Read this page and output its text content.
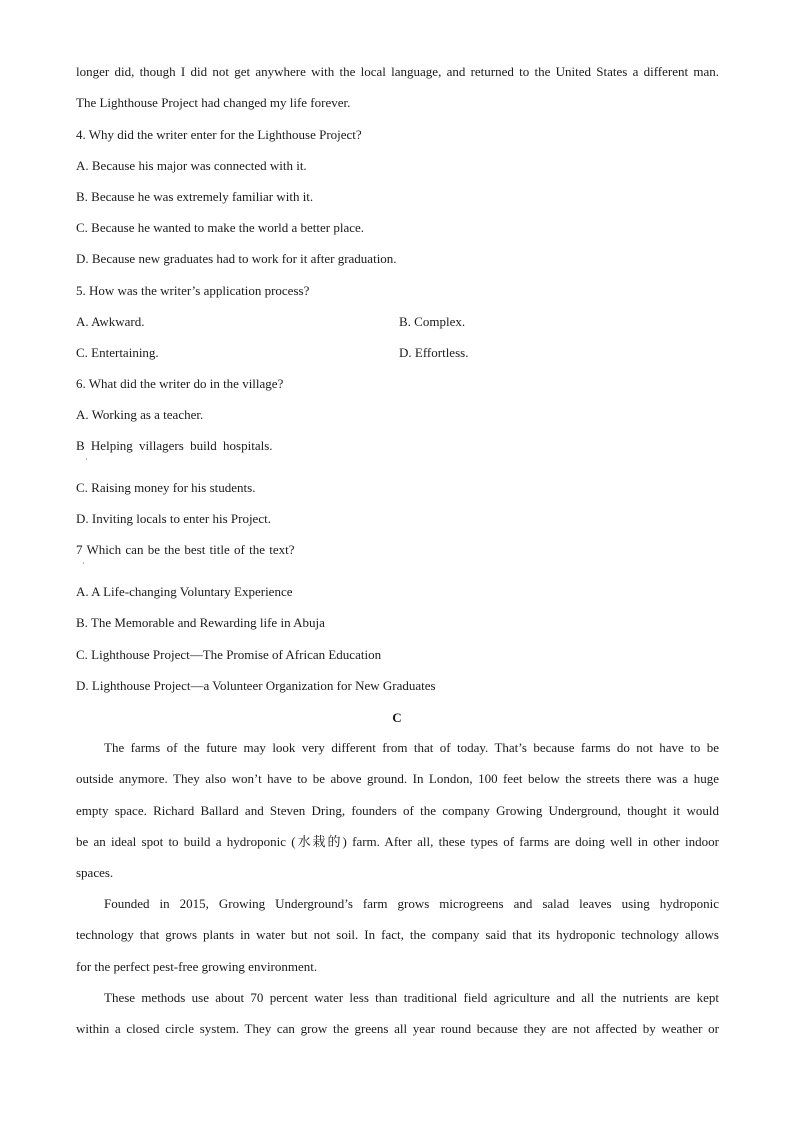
longer did, though I did not get anywhere with the local language, and returned to the United States a different man.
The Lighthouse Project had changed my life forever.
4. Why did the writer enter for the Lighthouse Project?
A. Because his major was connected with it.
B. Because he was extremely familiar with it.
C. Because he wanted to make the world a better place.
D. Because new graduates had to work for it after graduation.
5. How was the writer’s application process?
A. Awkward.	B. Complex.
C. Entertaining.	D. Effortless.
6. What did the writer do in the village?
A. Working as a teacher.
B Helping villagers build hospitals.
·
C. Raising money for his students.
D. Inviting locals to enter his Project.
7 Which can be the best title of the text?
·
A. A Life-changing Voluntary Experience
B. The Memorable and Rewarding life in Abuja
C. Lighthouse Project—The Promise of African Education
D. Lighthouse Project—a Volunteer Organization for New Graduates
C
The farms of the future may look very different from that of today. That’s because farms do not have to be
outside anymore. They also won’t have to be above ground. In London, 100 feet below the streets there was a huge
empty space. Richard Ballard and Steven Dring, founders of the company Growing Underground, thought it would
be an ideal spot to build a hydroponic (水栽的) farm. After all, these types of farms are doing well in other indoor
spaces.
Founded in 2015, Growing Underground’s farm grows microgreens and salad leaves using hydroponic
technology that grows plants in water but not soil. In fact, the company said that its hydroponic technology allows
for the perfect pest-free growing environment.
These methods use about 70 percent water less than traditional field agriculture and all the nutrients are kept
within a closed circle system. They can grow the greens all year round because they are not affected by weather or
